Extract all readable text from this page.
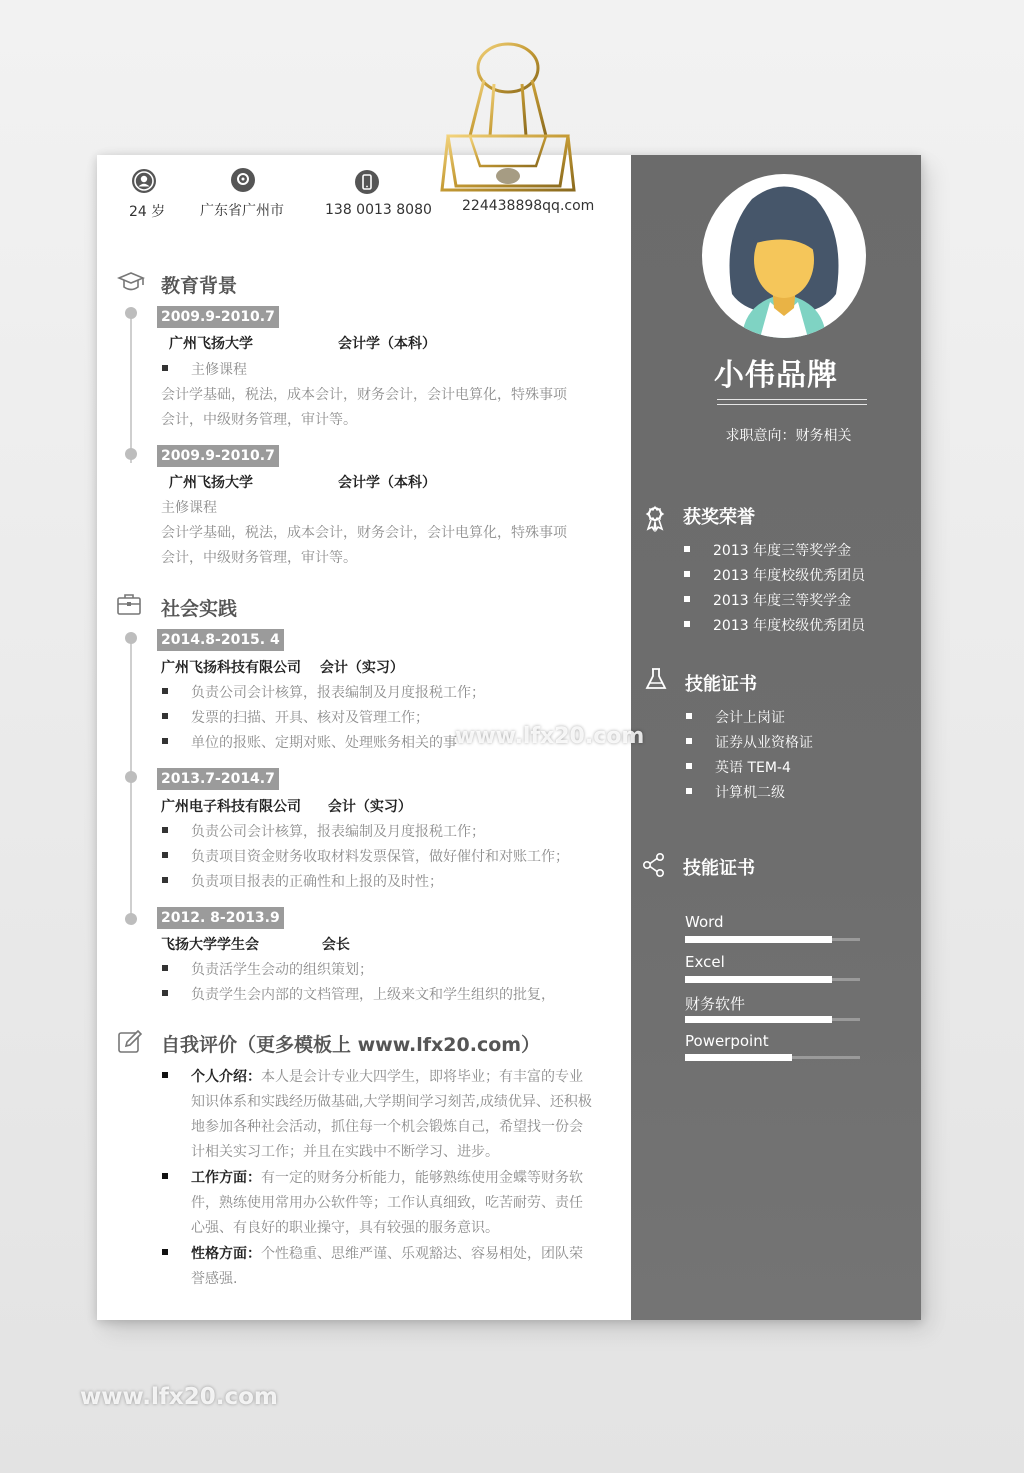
24 岁 广东省广州市	138 0013 8080 224438898qq.com
教育背景
2009.9-2010.7
广州飞扬大学	会计学（本科）
主修课程
会计学基础，税法，成本会计，财务会计，会计电算化，特殊事项
会计，中级财务管理，审计等。
2009.9-2010.7
广州飞扬大学	会计学（本科）
主修课程
会计学基础，税法，成本会计，财务会计，会计电算化，特殊事项
会计，中级财务管理，审计等。
社会实践
2014.8-2015. 4
广州飞扬科技有限公司 会计（实习）
负责公司会计核算，报表编制及月度报税工作；
发票的扫描、开具、核对及管理工作；
单位的报账、定期对账、处理账务相关的事
2013.7-2014.7
广州电子科技有限公司 会计（实习）
负责公司会计核算，报表编制及月度报税工作；
负责项目资金财务收取材料发票保管，做好催付和对账工作；
负责项目报表的正确性和上报的及时性；
2012. 8-2013.9
飞扬大学学生会	会长
负责活学生会动的组织策划；
负责学生会内部的文档管理，上级来文和学生组织的批复，
自我评价（更多模板上 www.lfx20.com）
个人介绍：本人是会计专业大四学生，即将毕业；有丰富的专业知识体系和实践经历做基础,大学期间学习刻苦,成绩优异、还积极地参加各种社会活动，抓住每一个机会锻炼自己，希望找一份会计相关实习工作；并且在实践中不断学习、进步。
工作方面：有一定的财务分析能力，能够熟练使用金蝶等财务软件，熟练使用常用办公软件等；工作认真细致，吃苦耐劳、责任心强、有良好的职业操守，具有较强的服务意识。
性格方面：个性稳重、思维严谨、乐观豁达、容易相处，团队荣誉感强.
小伟品牌
求职意向：财务相关
获奖荣誉
2013 年度三等奖学金
2013 年度校级优秀团员
2013 年度三等奖学金
2013 年度校级优秀团员
技能证书
会计上岗证
证券从业资格证
英语 TEM-4
计算机二级
技能证书
Word
Excel
财务软件
Powerpoint
www.lfx20.com
www.lfx20.com
